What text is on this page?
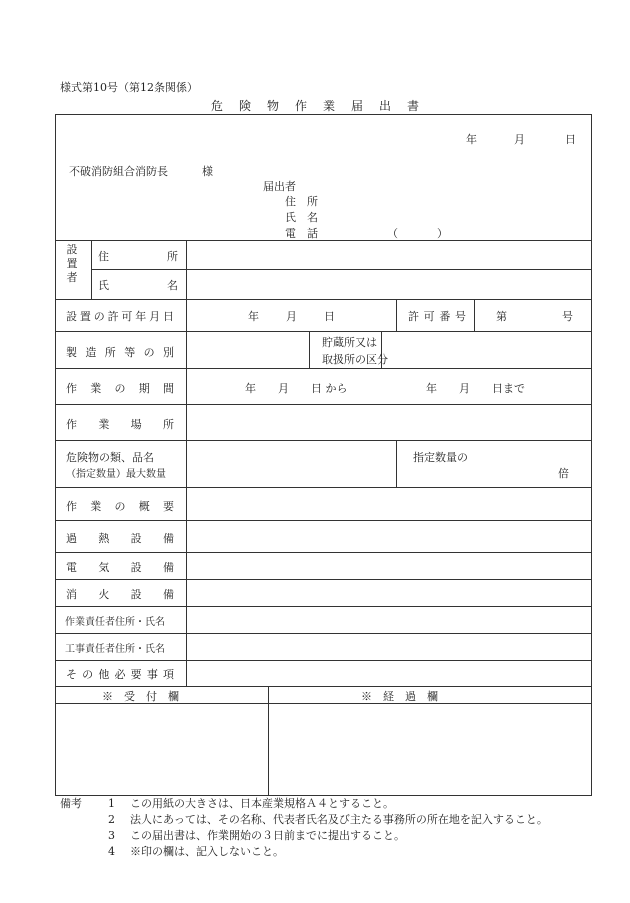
様式第10号（第12条関係）
危険物作業届出書
年	月	日
不破消防組合消防長	様
届出者
住　所
氏　名
電　話	（	）
設置者
住　　所
氏　　名
設置の許可年月日	年 月 日	許可番号	第	号
製造所等の別
貯蔵所又は
取扱所の区分
作業の期間	年　　月　　日 から	年　　月　　日まで
作業場所
危険物の類、品名
（指定数量）最大数量
指定数量の
倍
作業の概要
過熱設備
電気設備
消火設備
作業責任者住所・氏名
工事責任者住所・氏名
その他必要事項
※　受　付　欄	※　経　過　欄
備考 1 この用紙の大きさは、日本産業規格Ａ４とすること。
2 法人にあっては、その名称、代表者氏名及び主たる事務所の所在地を記入すること。
3 この届出書は、作業開始の３日前までに提出すること。
4 ※印の欄は、記入しないこと。
